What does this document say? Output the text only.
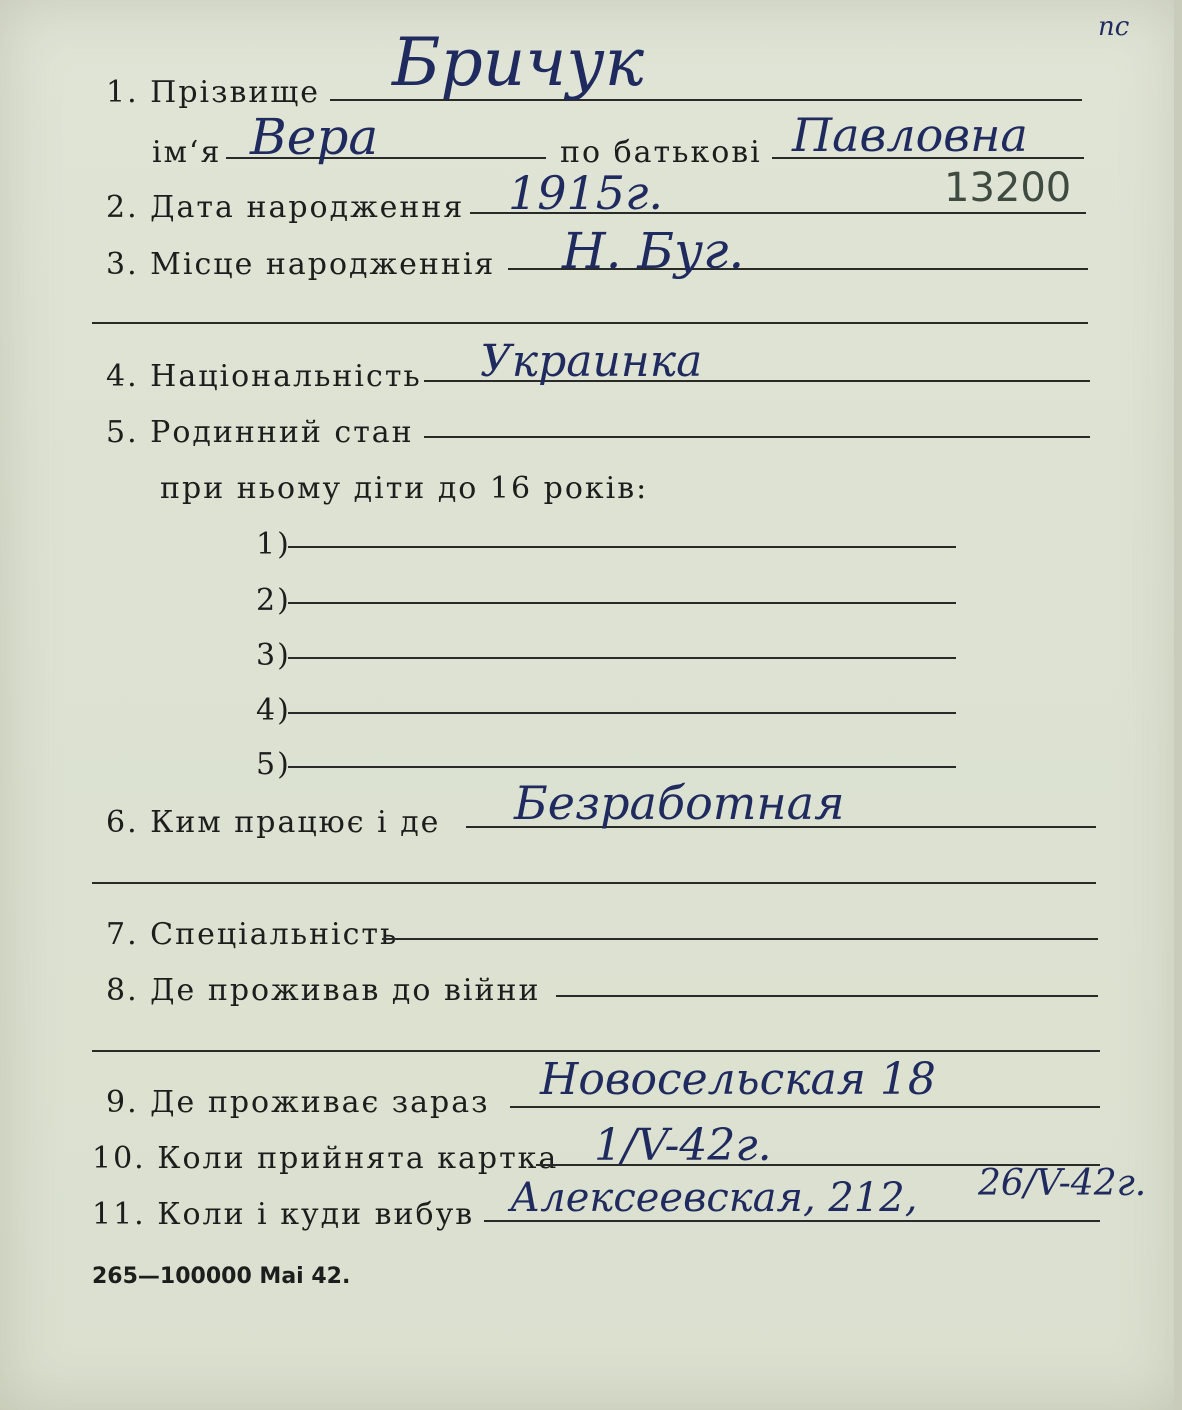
пс
1. Прізвище Бричук
ім‘я Вера	по батькові Павловна
2. Дата народження 1915г.	13200
3. Місце народженнія Н. Буг.
4. Національність Украинка
5. Родинний стан
при ньому діти до 16 років:
1)
2)
3)
4)
5)
6. Ким працює і де Безработная
7. Спеціальність
8. Де проживав до війни
9. Де проживає зараз Новосельская 18
10. Коли прийнята картка 1/V-42г.
11. Коли і куди вибув Алексеевская, 212, 26/V-42г.
265—100000 Mai 42.
